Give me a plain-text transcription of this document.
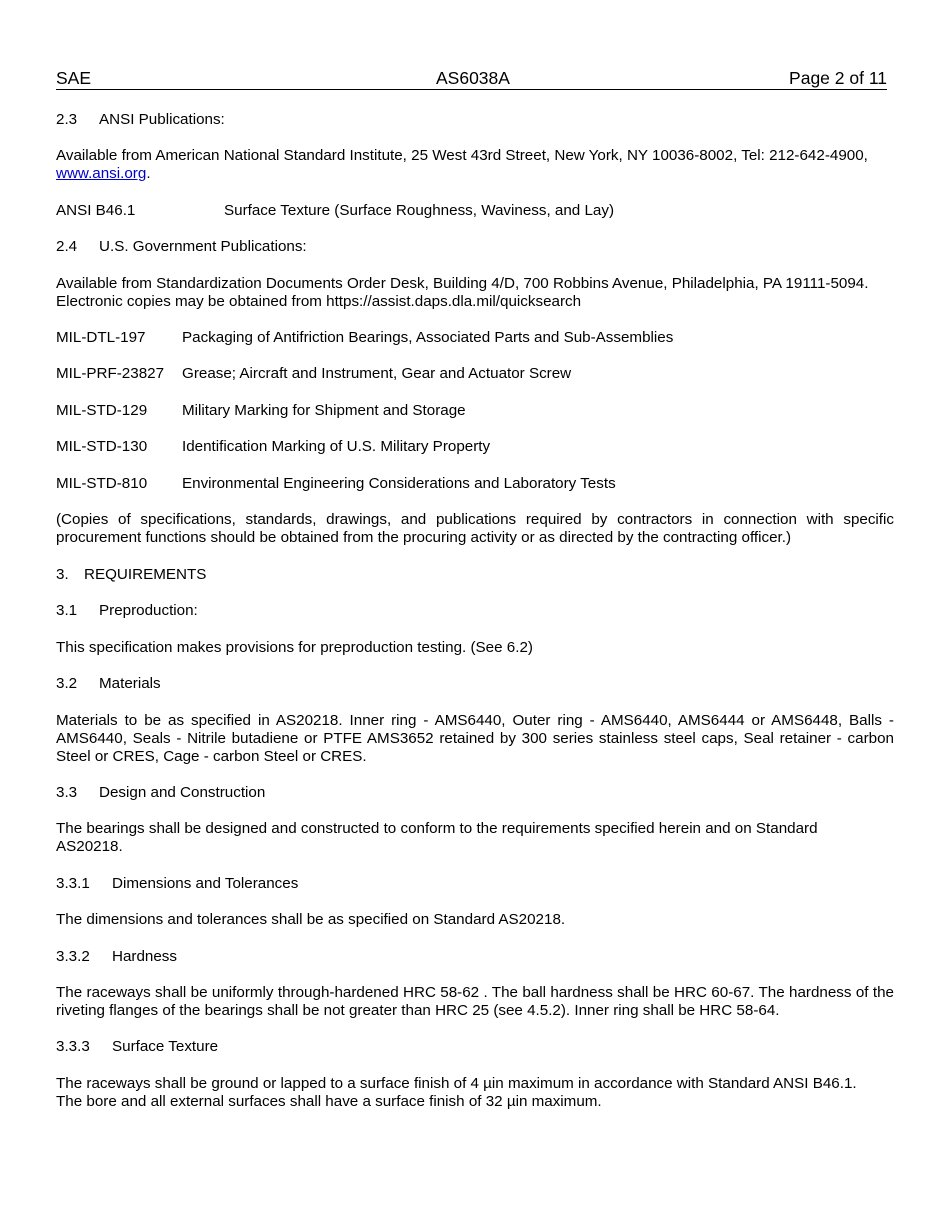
SAE	AS6038A	Page 2 of 11
2.3 ANSI Publications:

Available from American National Standard Institute, 25 West 43rd Street, New York, NY 10036-8002, Tel: 212-642-4900,
www.ansi.org.

ANSI B46.1	Surface Texture (Surface Roughness, Waviness, and Lay)
2.4 U.S. Government Publications:

Available from Standardization Documents Order Desk, Building 4/D, 700 Robbins Avenue, Philadelphia, PA 19111-5094.
Electronic copies may be obtained from https://assist.daps.dla.mil/quicksearch

MIL-DTL-197 Packaging of Antifriction Bearings, Associated Parts and Sub-Assemblies
MIL-PRF-23827 Grease; Aircraft and Instrument, Gear and Actuator Screw
MIL-STD-129 Military Marking for Shipment and Storage
MIL-STD-130 Identification Marking of U.S. Military Property
MIL-STD-810 Environmental Engineering Considerations and Laboratory Tests

(Copies of specifications, standards, drawings, and publications required by contractors in connection with specific procurement functions should be obtained from the procuring activity or as directed by the contracting officer.)

3. REQUIREMENTS
3.1 Preproduction:

This specification makes provisions for preproduction testing. (See 6.2)

3.2 Materials

Materials to be as specified in AS20218. Inner ring - AMS6440, Outer ring - AMS6440, AMS6444 or AMS6448, Balls - AMS6440, Seals - Nitrile butadiene or PTFE AMS3652 retained by 300 series stainless steel caps, Seal retainer - carbon Steel or CRES, Cage - carbon Steel or CRES.

3.3 Design and Construction

The bearings shall be designed and constructed to conform to the requirements specified herein and on Standard
AS20218.

3.3.1 Dimensions and Tolerances

The dimensions and tolerances shall be as specified on Standard AS20218.

3.3.2 Hardness

The raceways shall be uniformly through-hardened HRC 58-62 . The ball hardness shall be HRC 60-67. The hardness of the riveting flanges of the bearings shall be not greater than HRC 25 (see 4.5.2). Inner ring shall be HRC 58-64.

3.3.3 Surface Texture

The raceways shall be ground or lapped to a surface finish of 4 µin maximum in accordance with Standard ANSI B46.1.
The bore and all external surfaces shall have a surface finish of 32 µin maximum.
